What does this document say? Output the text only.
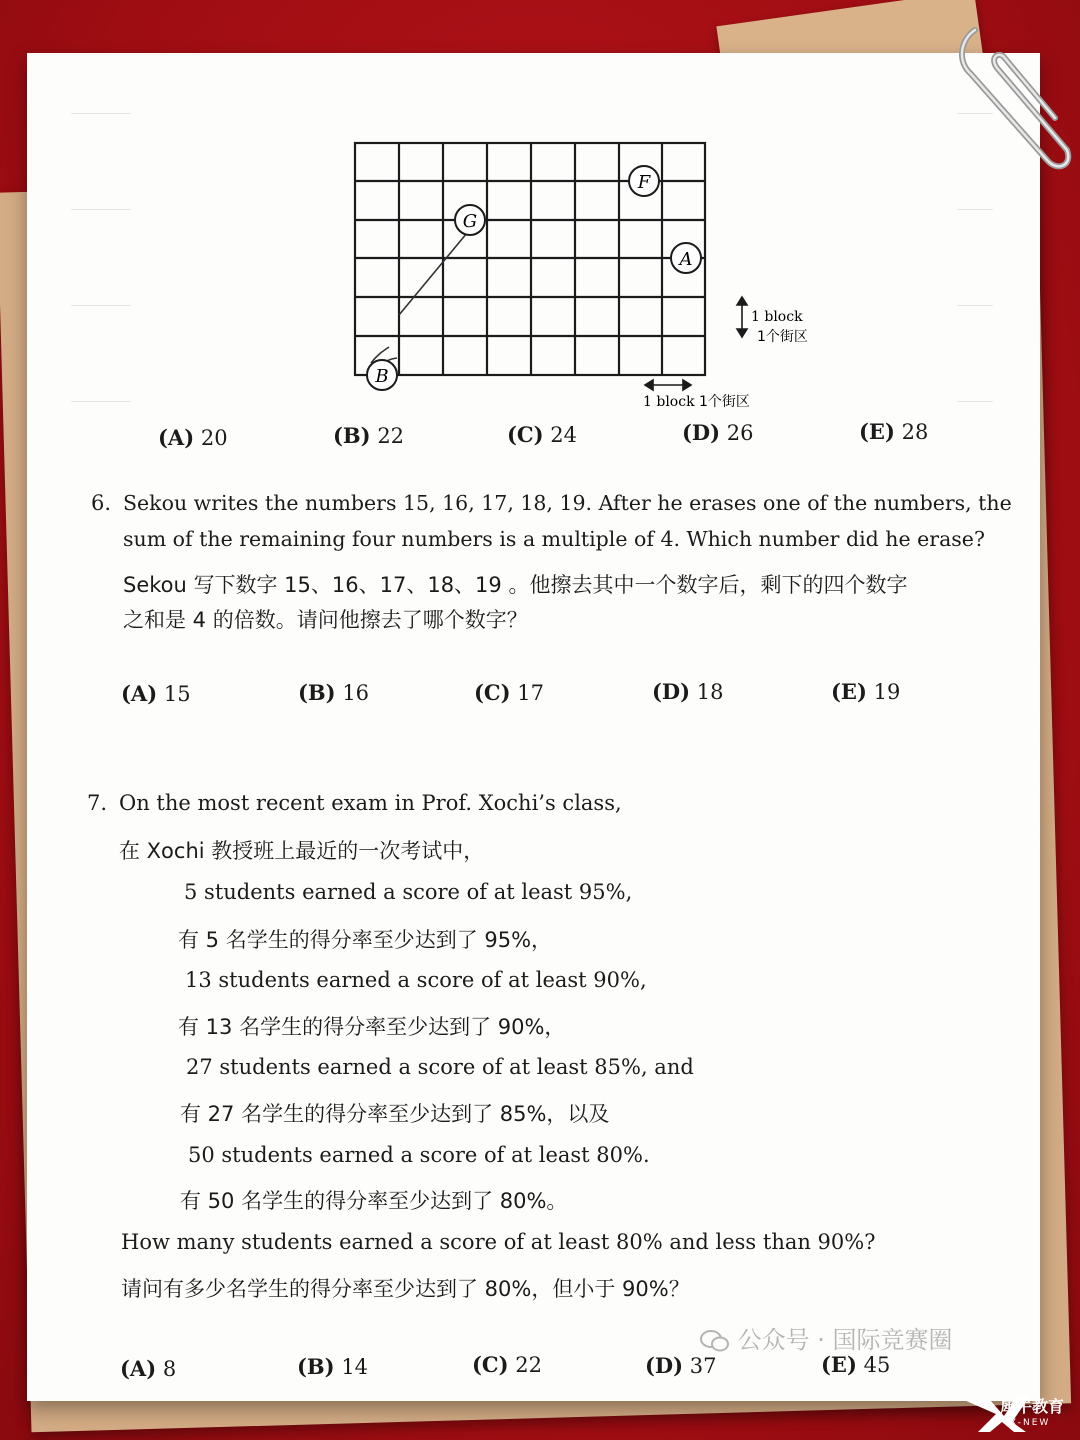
F
G
A
B
1 block
1个街区
1 block 1个街区
(A) 20	(B) 22	(C) 24	(D) 26	(E) 28
6. Sekou writes the numbers 15, 16, 17, 18, 19. After he erases one of the numbers, the
sum of the remaining four numbers is a multiple of 4. Which number did he erase?
Sekou 写下数字 15、16、17、18、19 。他擦去其中一个数字后，剩下的四个数字
之和是 4 的倍数。请问他擦去了哪个数字？
(A) 15	(B) 16	(C) 17	(D) 18	(E) 19
7. On the most recent exam in Prof. Xochi’s class,
在 Xochi 教授班上最近的一次考试中，
5 students earned a score of at least 95%,
有 5 名学生的得分率至少达到了 95%，
13 students earned a score of at least 90%,
有 13 名学生的得分率至少达到了 90%，
27 students earned a score of at least 85%, and
有 27 名学生的得分率至少达到了 85%，以及
50 students earned a score of at least 80%.
有 50 名学生的得分率至少达到了 80%。
How many students earned a score of at least 80% and less than 90%?
请问有多少名学生的得分率至少达到了 80%，但小于 90%？
(A) 8	(B) 14	(C) 22	(D) 37	(E) 45
公众号 · 国际竞赛圈
犀牛教育
X-NEW
